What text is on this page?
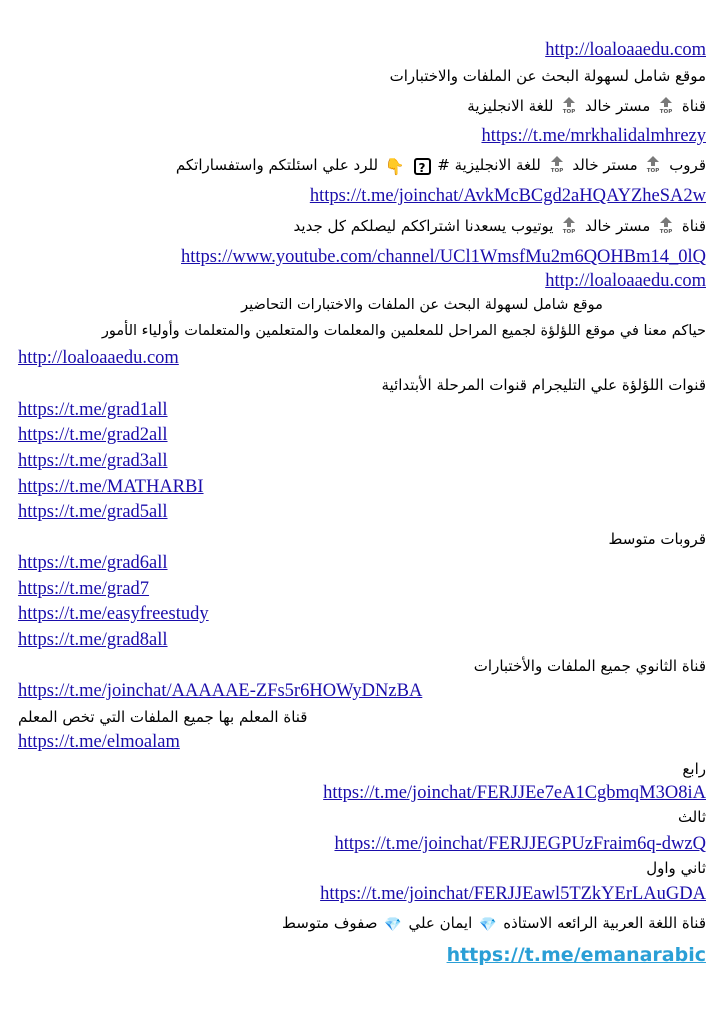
http://loaloaaedu.com
موقع شامل لسهولة البحث عن الملفات والاختبارات
قناة
TOP
مستر خالد
TOP
للغة الانجليزية
https://t.me/mrkhalidalmhrezy
قروب
TOP
مستر خالد
TOP
للغة الانجليزية # ? 👇 للرد علي اسئلتكم واستفساراتكم
https://t.me/joinchat/AvkMcBCgd2aHQAYZheSA2w
قناة
TOP
مستر خالد
TOP
يوتيوب يسعدنا اشتراككم ليصلكم كل جديد
https://www.youtube.com/channel/UCl1WmsfMu2m6QOHBm14_0lQ
http://loaloaaedu.com
موقع شامل لسهولة البحث عن الملفات والاختبارات التحاضير
حياكم معنا في موقع اللؤلؤة لجميع المراحل للمعلمين والمعلمات والمتعلمين والمتعلمات وأولياء الأمور
http://loaloaaedu.com
قنوات اللؤلؤة علي التليجرام قنوات المرحلة الأبتدائية
https://t.me/grad1all
https://t.me/grad2all
https://t.me/grad3all
https://t.me/MATHARBI
https://t.me/grad5all
قروبات متوسط
https://t.me/grad6all
https://t.me/grad7
https://t.me/easyfreestudy
https://t.me/grad8all
قناة الثانوي جميع الملفات والأختبارات
https://t.me/joinchat/AAAAAE-ZFs5r6HOWyDNzBA
قناة المعلم بها جميع الملفات التي تخص المعلم
https://t.me/elmoalam
رابع
https://t.me/joinchat/FERJJEe7eA1CgbmqM3O8iA
ثالث
https://t.me/joinchat/FERJJEGPUzFraim6q-dwzQ
ثاني واول
https://t.me/joinchat/FERJJEawl5TZkYErLAuGDA
قناة اللغة العربية الرائعه الاستاذه 💎 ايمان علي 💎 صفوف متوسط
https://t.me/emanarabic
